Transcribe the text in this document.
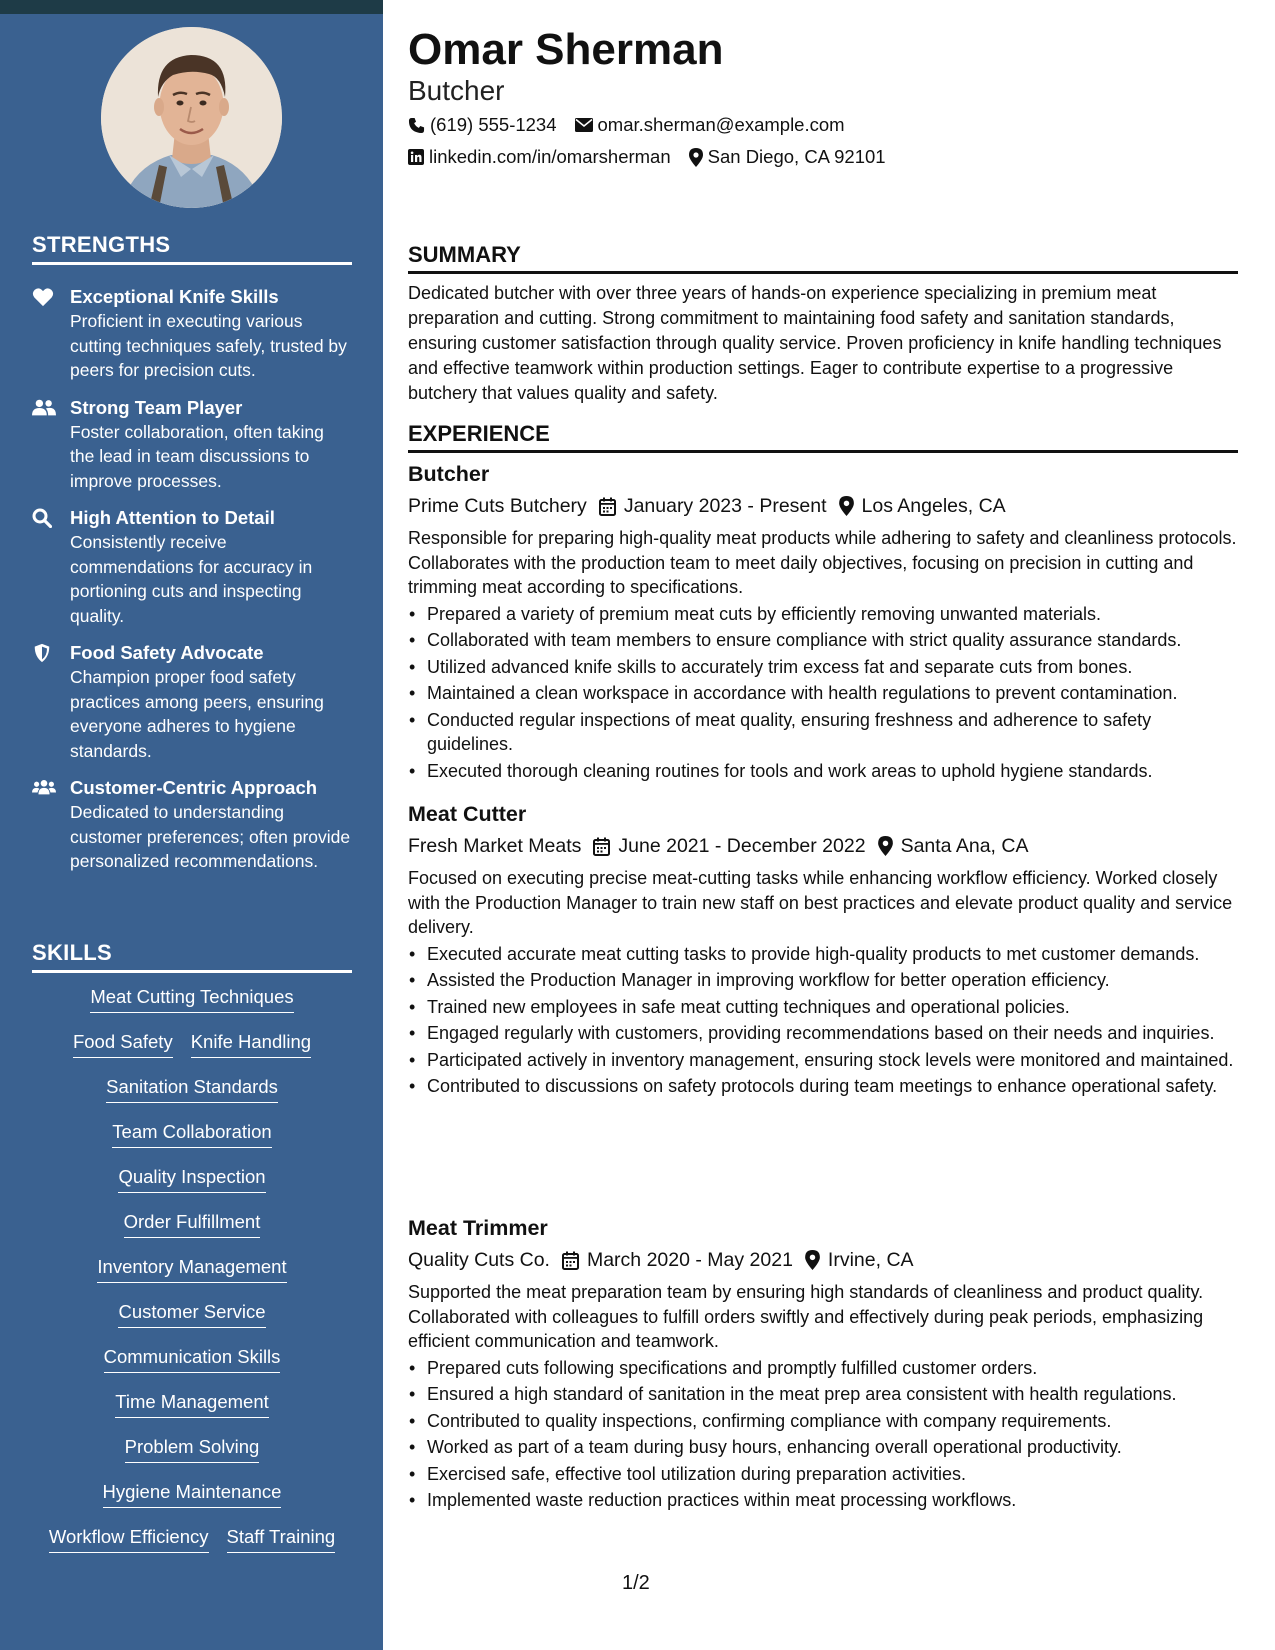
STRENGTHS
Exceptional Knife Skills
Proficient in executing various cutting techniques safely, trusted by peers for precision cuts.
Strong Team Player
Foster collaboration, often taking the lead in team discussions to improve processes.
High Attention to Detail
Consistently receive commendations for accuracy in portioning cuts and inspecting quality.
Food Safety Advocate
Champion proper food safety practices among peers, ensuring everyone adheres to hygiene standards.
Customer-Centric Approach
Dedicated to understanding customer preferences; often provide personalized recommendations.
SKILLS
Meat Cutting Techniques
Food Safety Knife Handling
Sanitation Standards
Team Collaboration
Quality Inspection
Order Fulfillment
Inventory Management
Customer Service
Communication Skills
Time Management
Problem Solving
Hygiene Maintenance
Workflow Efficiency Staff Training
Omar Sherman
Butcher
(619) 555-1234 omar.sherman@example.com
linkedin.com/in/omarsherman San Diego, CA 92101
SUMMARY
Dedicated butcher with over three years of hands-on experience specializing in premium meat preparation and cutting. Strong commitment to maintaining food safety and sanitation standards, ensuring customer satisfaction through quality service. Proven proficiency in knife handling techniques and effective teamwork within production settings. Eager to contribute expertise to a progressive butchery that values quality and safety.
EXPERIENCE
Butcher
Prime Cuts Butchery January 2023 - Present Los Angeles, CA
Responsible for preparing high-quality meat products while adhering to safety and cleanliness protocols. Collaborates with the production team to meet daily objectives, focusing on precision in cutting and trimming meat according to specifications.
• Prepared a variety of premium meat cuts by efficiently removing unwanted materials.
• Collaborated with team members to ensure compliance with strict quality assurance standards.
• Utilized advanced knife skills to accurately trim excess fat and separate cuts from bones.
• Maintained a clean workspace in accordance with health regulations to prevent contamination.
• Conducted regular inspections of meat quality, ensuring freshness and adherence to safety guidelines.
• Executed thorough cleaning routines for tools and work areas to uphold hygiene standards.
Meat Cutter
Fresh Market Meats June 2021 - December 2022 Santa Ana, CA
Focused on executing precise meat-cutting tasks while enhancing workflow efficiency. Worked closely with the Production Manager to train new staff on best practices and elevate product quality and service delivery.
• Executed accurate meat cutting tasks to provide high-quality products to met customer demands.
• Assisted the Production Manager in improving workflow for better operation efficiency.
• Trained new employees in safe meat cutting techniques and operational policies.
• Engaged regularly with customers, providing recommendations based on their needs and inquiries.
• Participated actively in inventory management, ensuring stock levels were monitored and maintained.
• Contributed to discussions on safety protocols during team meetings to enhance operational safety.
Meat Trimmer
Quality Cuts Co. March 2020 - May 2021 Irvine, CA
Supported the meat preparation team by ensuring high standards of cleanliness and product quality. Collaborated with colleagues to fulfill orders swiftly and effectively during peak periods, emphasizing efficient communication and teamwork.
• Prepared cuts following specifications and promptly fulfilled customer orders.
• Ensured a high standard of sanitation in the meat prep area consistent with health regulations.
• Contributed to quality inspections, confirming compliance with company requirements.
• Worked as part of a team during busy hours, enhancing overall operational productivity.
• Exercised safe, effective tool utilization during preparation activities.
• Implemented waste reduction practices within meat processing workflows.
1/2
